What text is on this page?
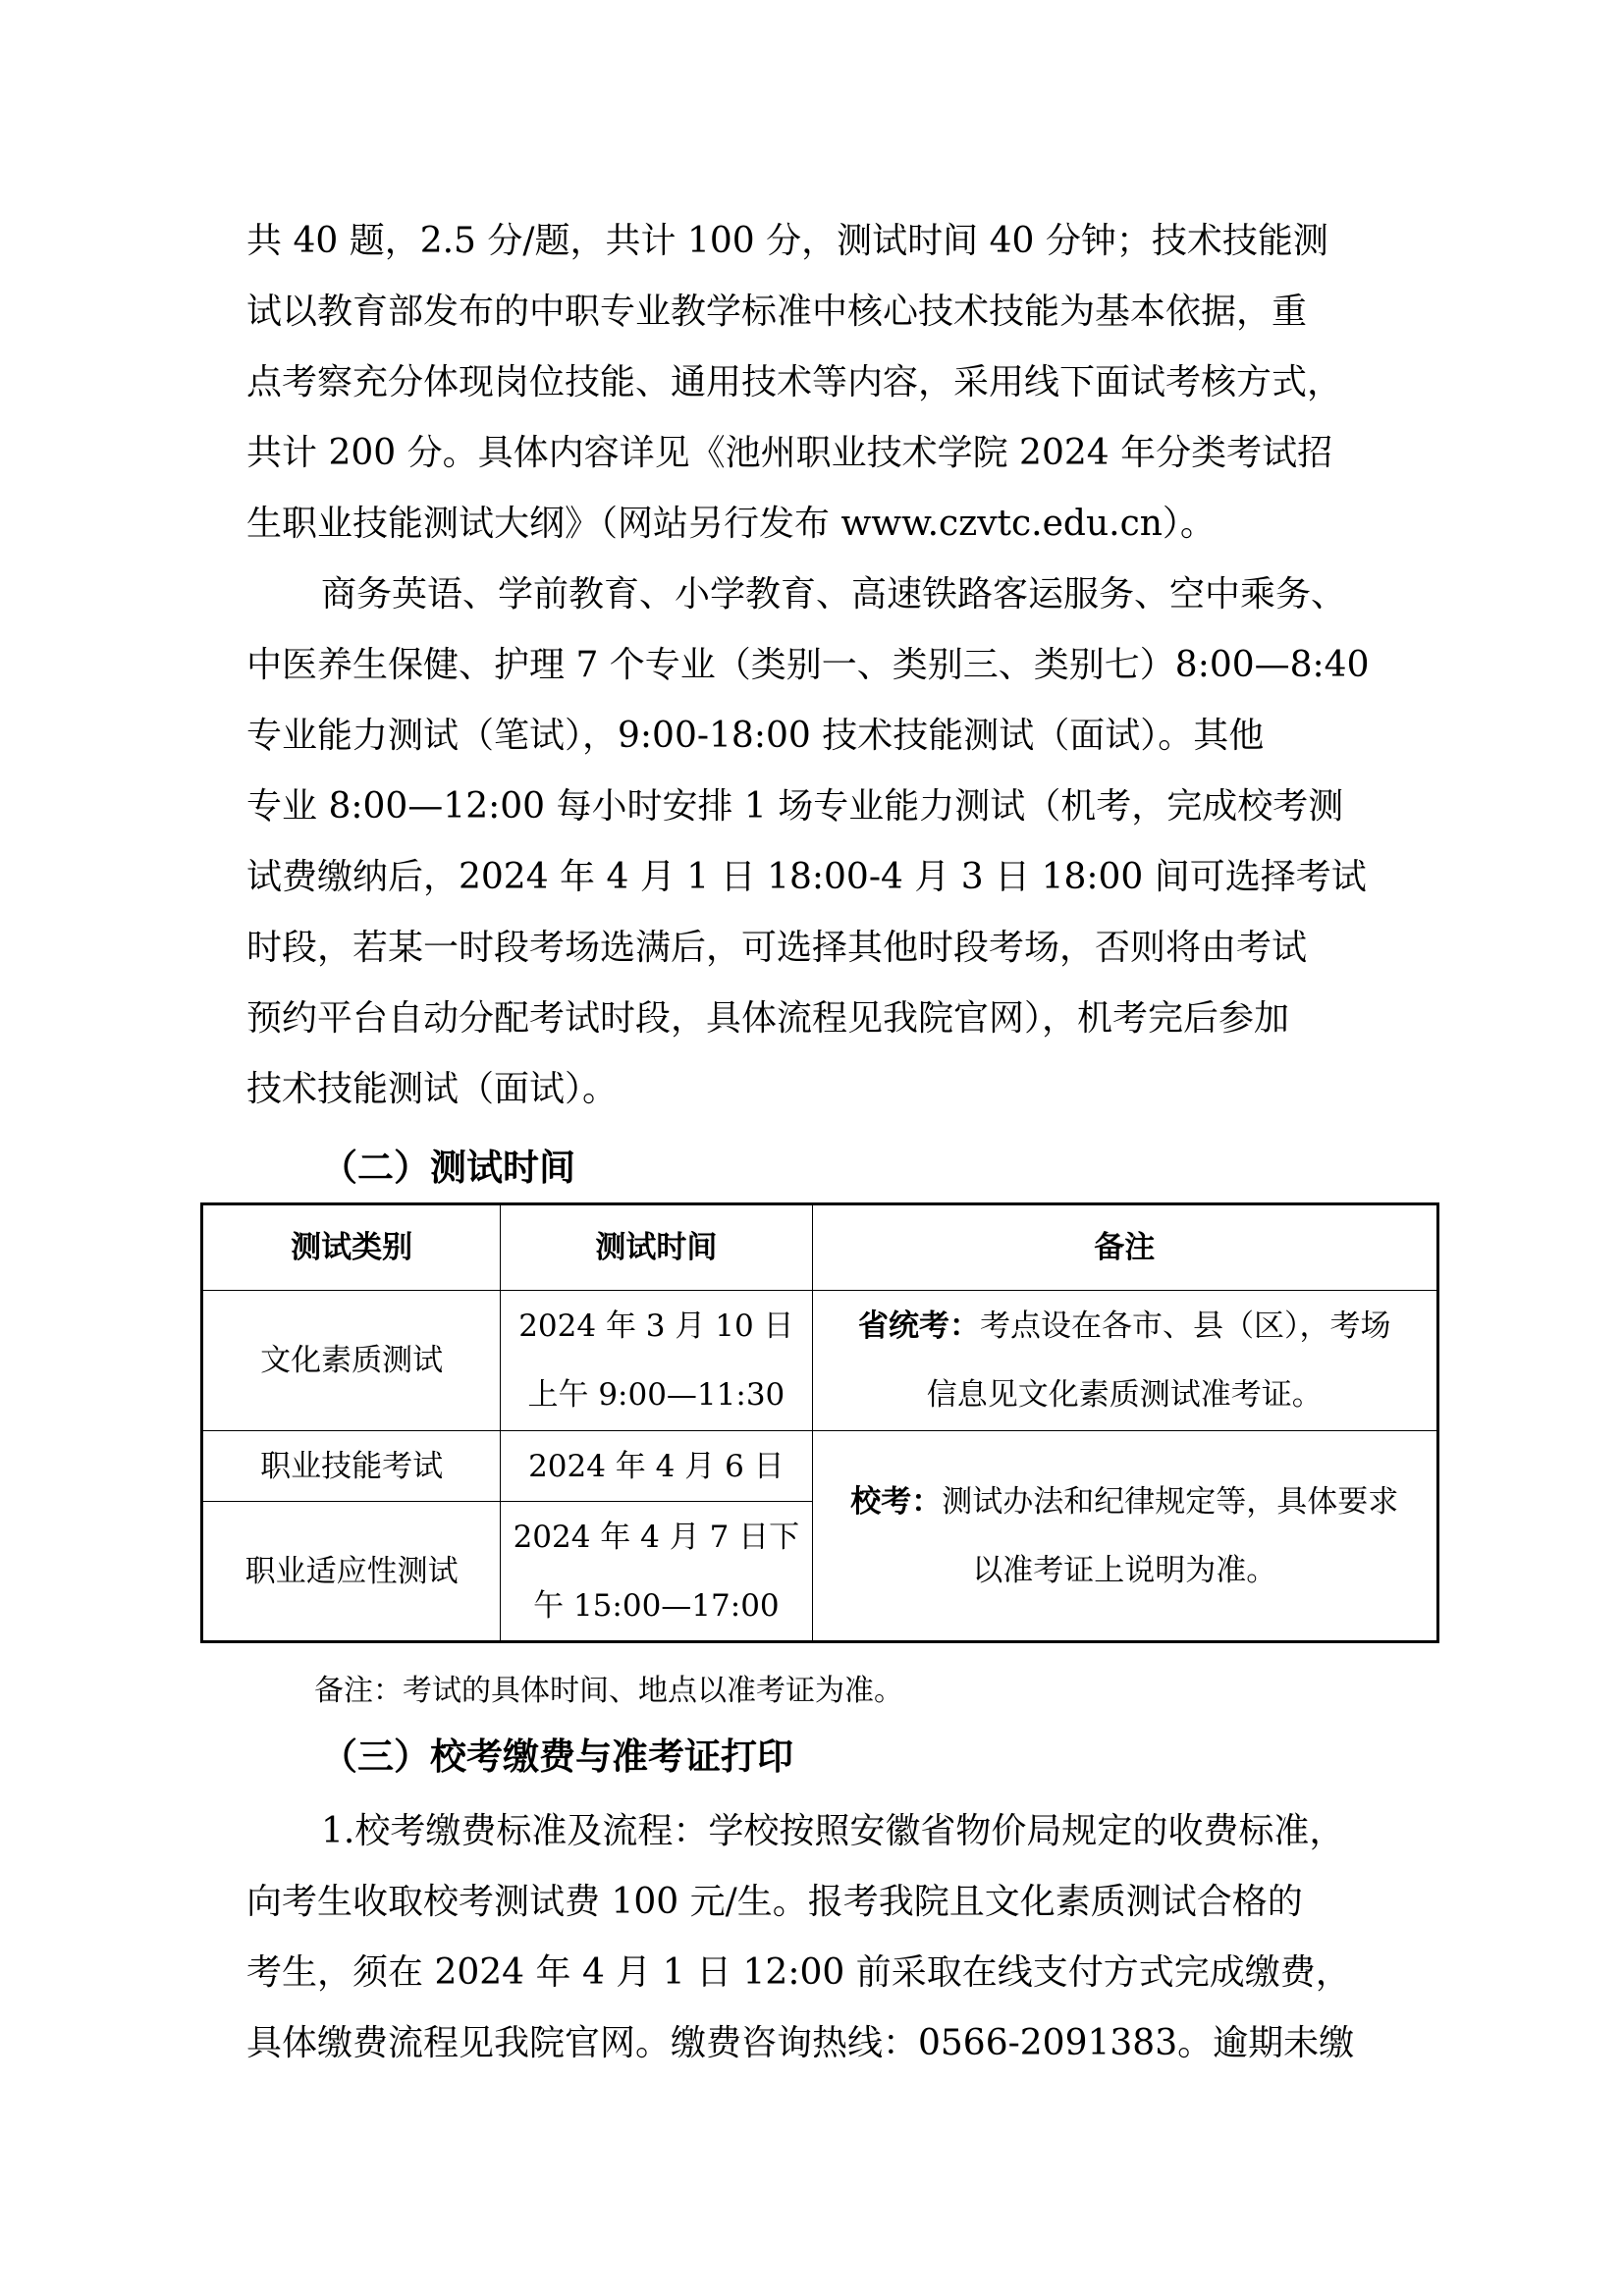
共 40 题，2.5 分/题，共计 100 分，测试时间 40 分钟；技术技能测
试以教育部发布的中职专业教学标准中核心技术技能为基本依据，重
点考察充分体现岗位技能、通用技术等内容，采用线下面试考核方式，
共计 200 分。具体内容详见《池州职业技术学院 2024 年分类考试招
生职业技能测试大纲》（网站另行发布 www.czvtc.edu.cn）。
商务英语、学前教育、小学教育、高速铁路客运服务、空中乘务、
中医养生保健、护理 7 个专业（类别一、类别三、类别七）8:00—8:40
专业能力测试（笔试），9:00-18:00 技术技能测试（面试）。其他
专业 8:00—12:00 每小时安排 1 场专业能力测试（机考，完成校考测
试费缴纳后，2024 年 4 月 1 日 18:00-4 月 3 日 18:00 间可选择考试
时段，若某一时段考场选满后，可选择其他时段考场，否则将由考试
预约平台自动分配考试时段，具体流程见我院官网），机考完后参加
技术技能测试（面试）。
（二）测试时间
测试类别	测试时间	备注
文化素质测试	2024 年 3 月 10 日
上午 9:00—11:30	省统考：考点设在各市、县（区），考场
信息见文化素质测试准考证。

职业技能考试	2024 年 4 月 6 日	校考：测试办法和纪律规定等，具体要求
以准考证上说明为准。

职业适应性测试	2024 年 4 月 7 日下
午 15:00—17:00	
备注：考试的具体时间、地点以准考证为准。
（三）校考缴费与准考证打印
1.校考缴费标准及流程：学校按照安徽省物价局规定的收费标准，
向考生收取校考测试费 100 元/生。报考我院且文化素质测试合格的
考生，须在 2024 年 4 月 1 日 12:00 前采取在线支付方式完成缴费，
具体缴费流程见我院官网。缴费咨询热线：0566-2091383。逾期未缴
